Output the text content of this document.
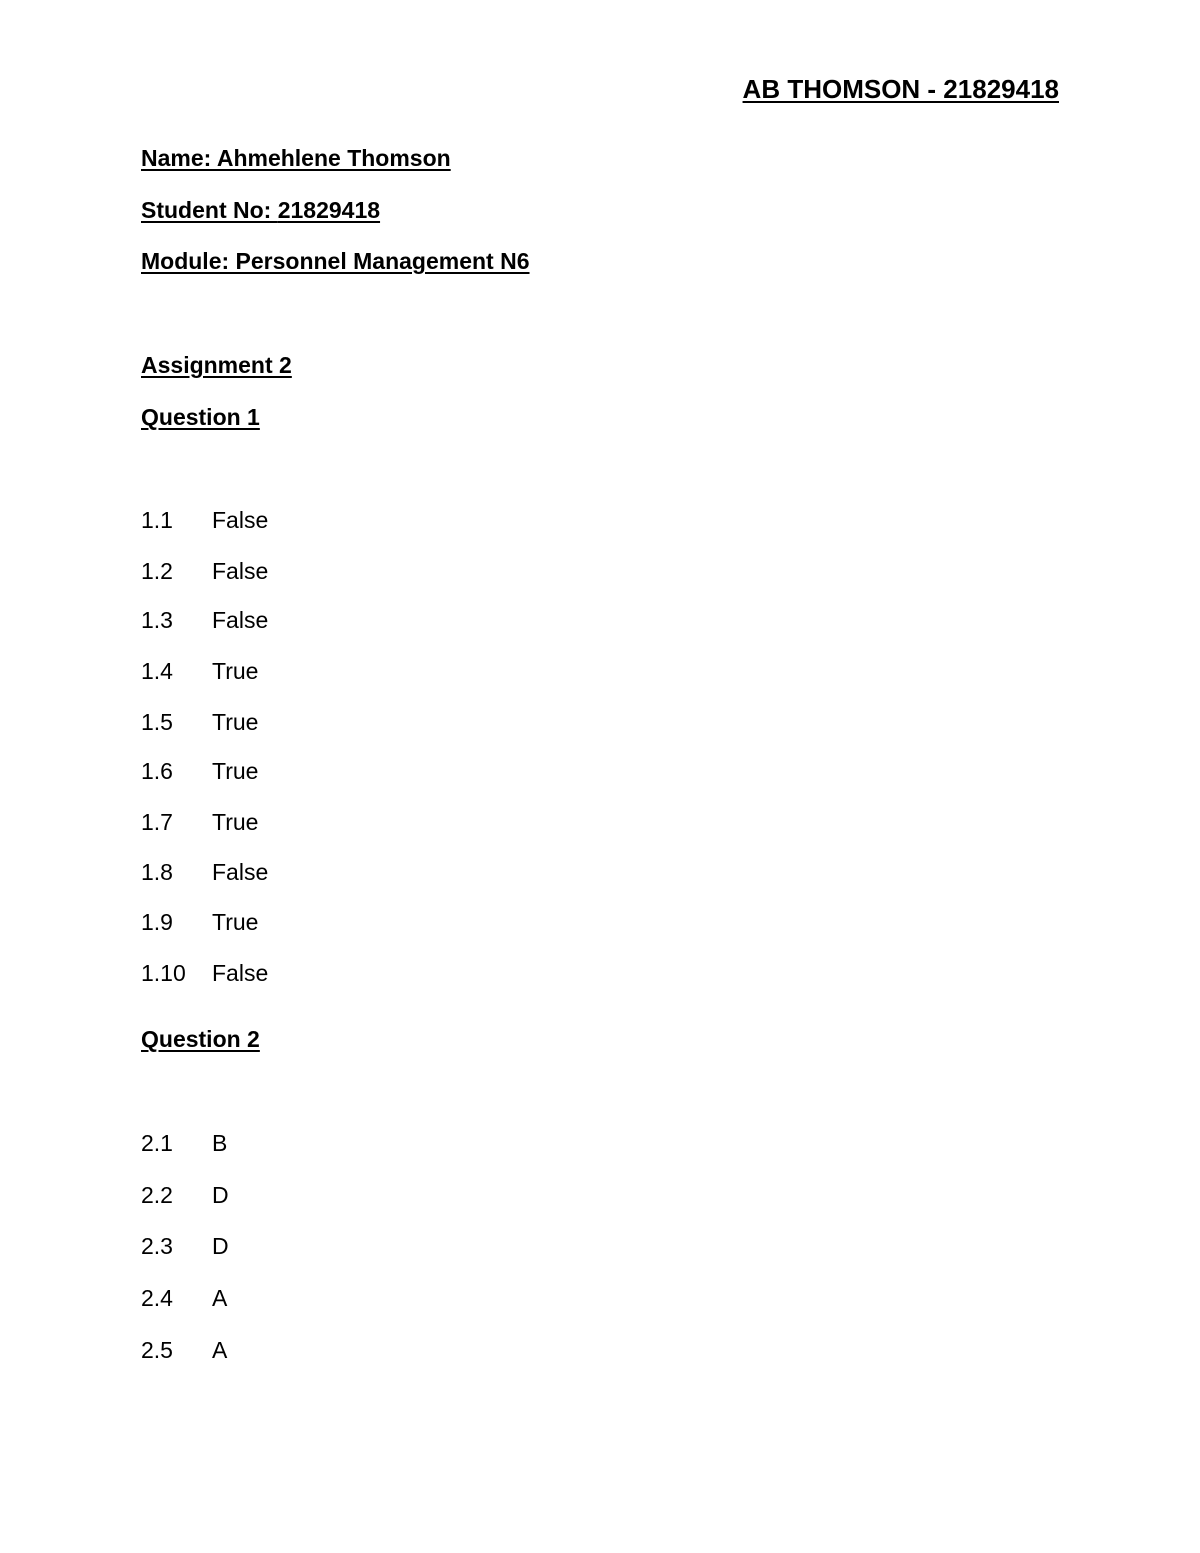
AB THOMSON - 21829418
Name: Ahmehlene Thomson
Student No: 21829418
Module: Personnel Management N6
Assignment 2
Question 1
1.1 False
1.2 False
1.3 False
1.4 True
1.5 True
1.6 True
1.7 True
1.8 False
1.9 True
1.10 False
Question 2
2.1 B
2.2 D
2.3 D
2.4 A
2.5 A
